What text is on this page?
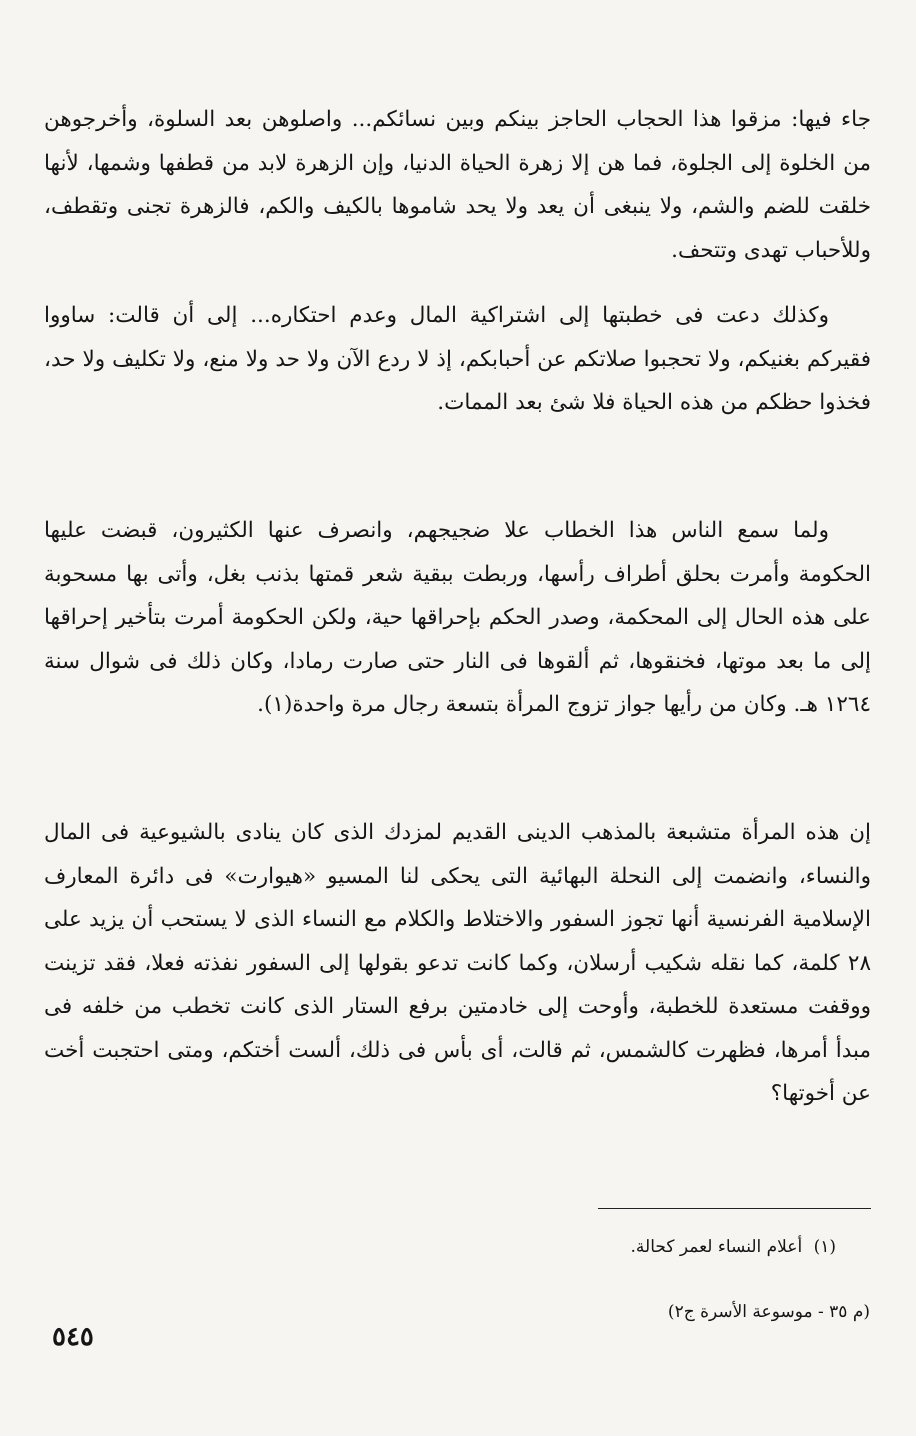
جاء فيها: مزقوا هذا الحجاب الحاجز بينكم وبين نسائكم... واصلوهن بعد السلوة، وأخرجوهن من الخلوة إلى الجلوة، فما هن إلا زهرة الحياة الدنيا، وإن الزهرة لابد من قطفها وشمها، لأنها خلقت للضم والشم، ولا ينبغى أن يعد ولا يحد شاموها بالكيف والكم، فالزهرة تجنى وتقطف، وللأحباب تهدى وتتحف.

وكذلك دعت فى خطبتها إلى اشتراكية المال وعدم احتكاره... إلى أن قالت: ساووا فقيركم بغنيكم، ولا تحجبوا صلاتكم عن أحبابكم، إذ لا ردع الآن ولا حد ولا منع، ولا تكليف ولا حد، فخذوا حظكم من هذه الحياة فلا شئ بعد الممات.

ولما سمع الناس هذا الخطاب علا ضجيجهم، وانصرف عنها الكثيرون، قبضت عليها الحكومة وأمرت بحلق أطراف رأسها، وربطت ببقية شعر قمتها بذنب بغل، وأتى بها مسحوبة على هذه الحال إلى المحكمة، وصدر الحكم بإحراقها حية، ولكن الحكومة أمرت بتأخير إحراقها إلى ما بعد موتها، فخنقوها، ثم ألقوها فى النار حتى صارت رمادا، وكان ذلك فى شوال سنة ١٢٦٤ هـ. وكان من رأيها جواز تزوج المرأة بتسعة رجال مرة واحدة(١).

إن هذه المرأة متشبعة بالمذهب الدينى القديم لمزدك الذى كان ينادى بالشيوعية فى المال والنساء، وانضمت إلى النحلة البهائية التى يحكى لنا المسيو «هيوارت» فى دائرة المعارف الإسلامية الفرنسية أنها تجوز السفور والاختلاط والكلام مع النساء الذى لا يستحب أن يزيد على ٢٨ كلمة، كما نقله شكيب أرسلان، وكما كانت تدعو بقولها إلى السفور نفذته فعلا، فقد تزينت ووقفت مستعدة للخطبة، وأوحت إلى خادمتين برفع الستار الذى كانت تخطب من خلفه فى مبدأ أمرها، فظهرت كالشمس، ثم قالت، أى بأس فى ذلك، ألست أختكم، ومتى احتجبت أخت عن أخوتها؟

(١) أعلام النساء لعمر كحالة.
(م ٣٥ - موسوعة الأسرة ج٢)
٥٤٥
